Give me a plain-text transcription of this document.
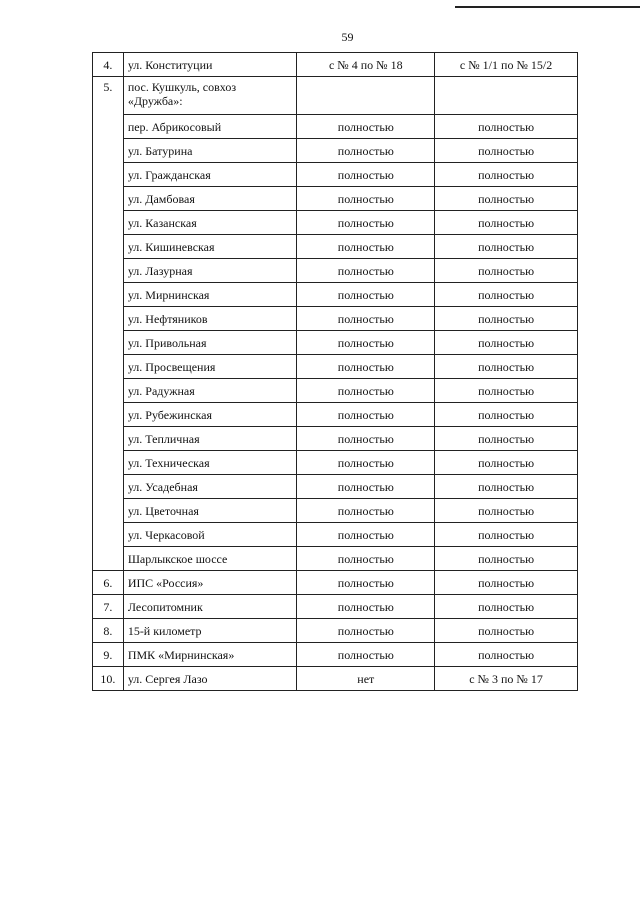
59
4.	ул. Конституции	с № 4 по № 18	с № 1/1 по № 15/2
5.	пос. Кушкуль, совхоз «Дружба»:		
	пер. Абрикосовый	полностью	полностью
	ул. Батурина	полностью	полностью
	ул. Гражданская	полностью	полностью
	ул. Дамбовая	полностью	полностью
	ул. Казанская	полностью	полностью
	ул. Кишиневская	полностью	полностью
	ул. Лазурная	полностью	полностью
	ул. Мирнинская	полностью	полностью
	ул. Нефтяников	полностью	полностью
	ул. Привольная	полностью	полностью
	ул. Просвещения	полностью	полностью
	ул. Радужная	полностью	полностью
	ул. Рубежинская	полностью	полностью
	ул. Тепличная	полностью	полностью
	ул. Техническая	полностью	полностью
	ул. Усадебная	полностью	полностью
	ул. Цветочная	полностью	полностью
	ул. Черкасовой	полностью	полностью
	Шарлыкское шоссе	полностью	полностью
6.	ИПС «Россия»	полностью	полностью
7.	Лесопитомник	полностью	полностью
8.	15-й километр	полностью	полностью
9.	ПМК «Мирнинская»	полностью	полностью
10.	ул. Сергея Лазо	нет	с № 3 по № 17
